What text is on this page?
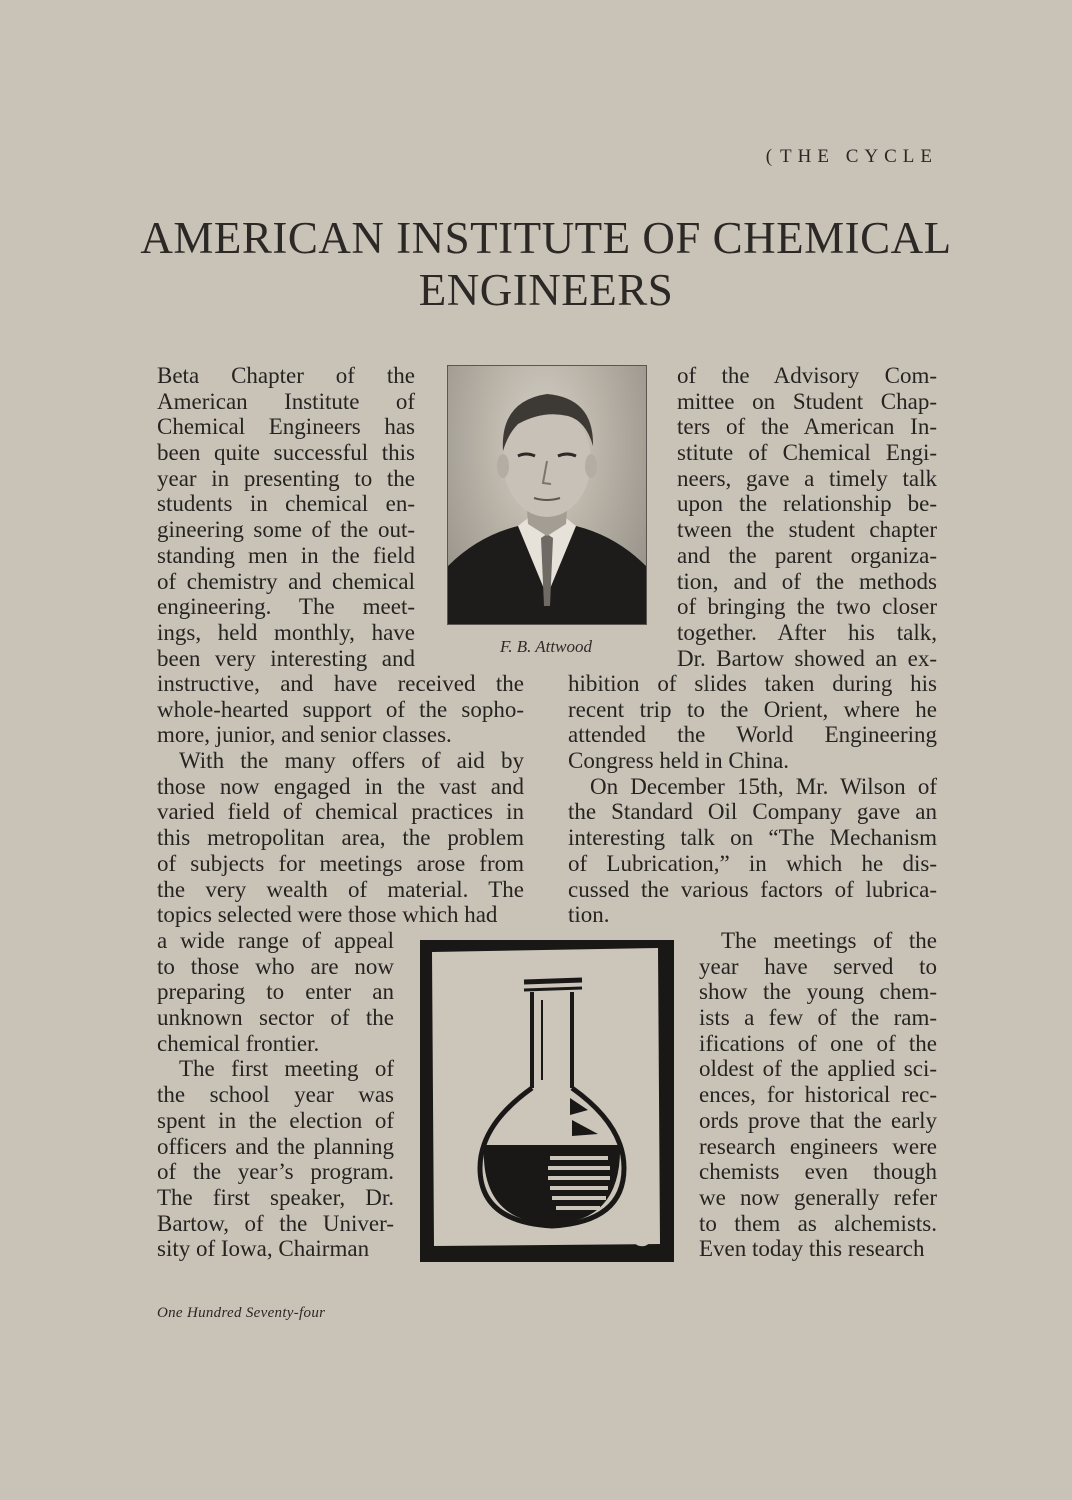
( THE CYCLE
AMERICAN INSTITUTE OF CHEMICAL
ENGINEERS
Beta Chapter of the
American Institute of
Chemical Engineers has
been quite successful this
year in presenting to the
students in chemical en-
gineering some of the out-
standing men in the field
of chemistry and chemical
engineering. The meet-
ings, held monthly, have
been very interesting and
instructive, and have received the
whole-hearted support of the sopho-
more, junior, and senior classes.
With the many offers of aid by
those now engaged in the vast and
varied field of chemical practices in
this metropolitan area, the problem
of subjects for meetings arose from
the very wealth of material. The
topics selected were those which had
a wide range of appeal
to those who are now
preparing to enter an
unknown sector of the
chemical frontier.
The first meeting of
the school year was
spent in the election of
officers and the planning
of the year’s program.
The first speaker, Dr.
Bartow, of the Univer-
sity of Iowa, Chairman
of the Advisory Com-
mittee on Student Chap-
ters of the American In-
stitute of Chemical Engi-
neers, gave a timely talk
upon the relationship be-
tween the student chapter
and the parent organiza-
tion, and of the methods
of bringing the two closer
together. After his talk,
Dr. Bartow showed an ex-
hibition of slides taken during his
recent trip to the Orient, where he
attended the World Engineering
Congress held in China.
On December 15th, Mr. Wilson of
the Standard Oil Company gave an
interesting talk on “The Mechanism
of Lubrication,” in which he dis-
cussed the various factors of lubrica-
tion.
The meetings of the
year have served to
show the young chem-
ists a few of the ram-
ifications of one of the
oldest of the applied sci-
ences, for historical rec-
ords prove that the early
research engineers were
chemists even though
we now generally refer
to them as alchemists.
Even today this research
F. B. Attwood
C
One Hundred Seventy-four
